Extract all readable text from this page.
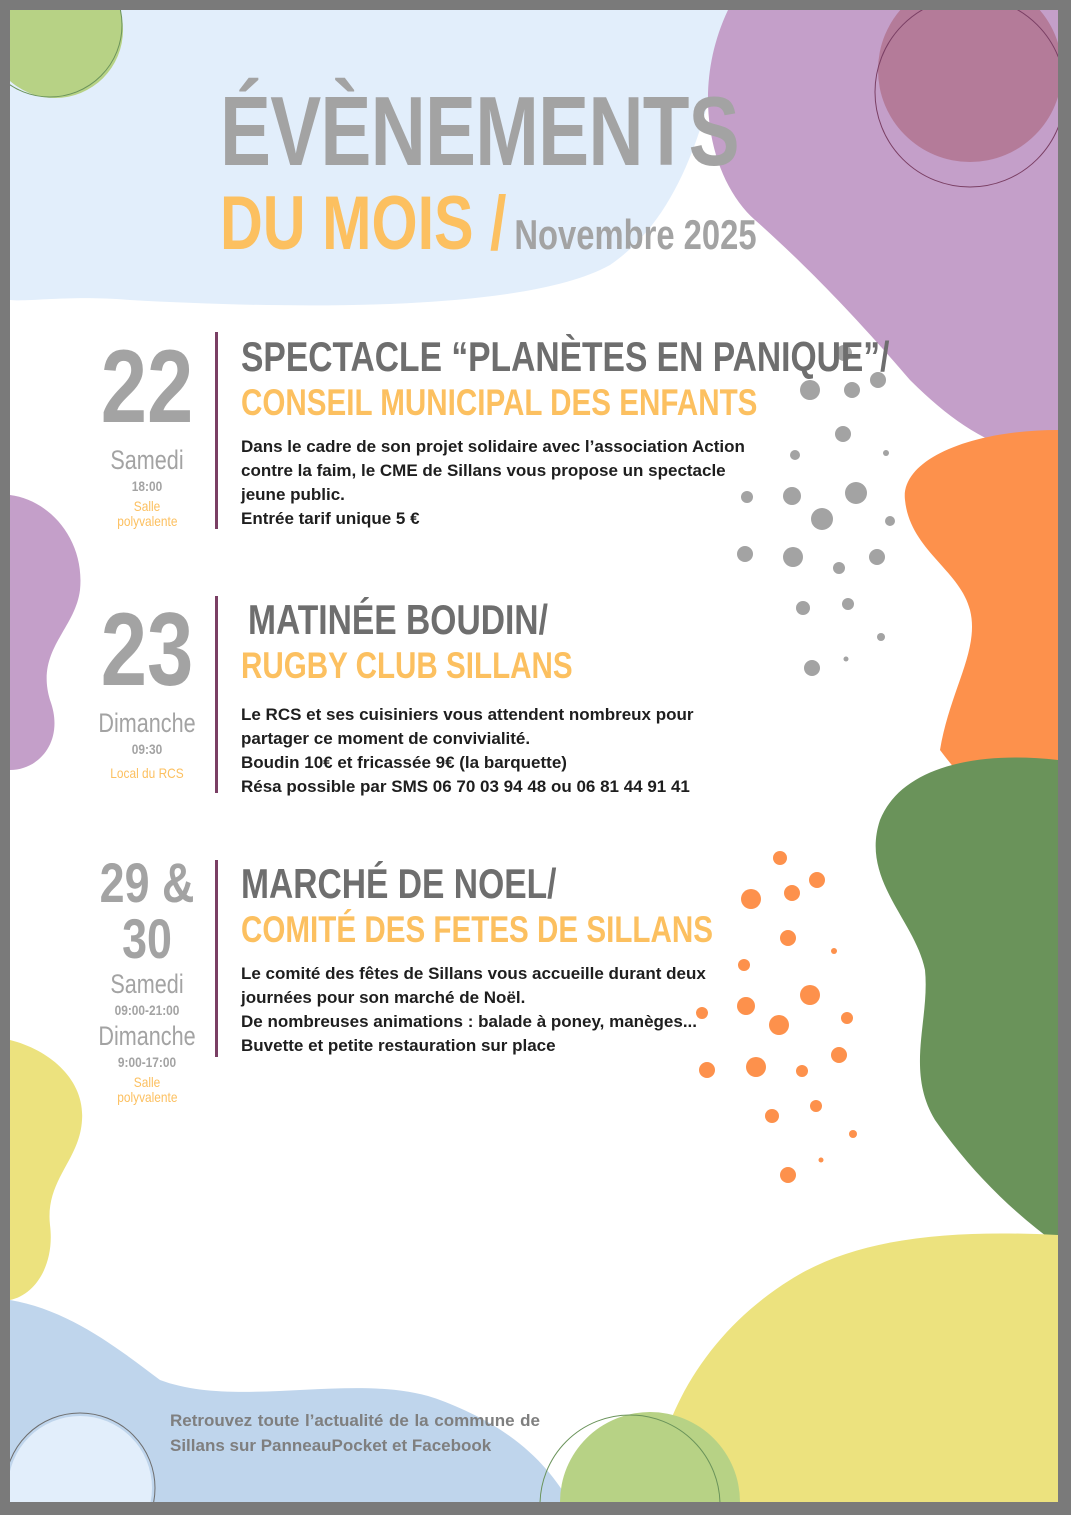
ÉVÈNEMENTS
DU MOIS / Novembre 2025
22
Samedi
18:00
Salle polyvalente
SPECTACLE “PLANÈTES EN PANIQUE”/
CONSEIL MUNICIPAL DES ENFANTS
Dans le cadre de son projet solidaire avec l’association Action
contre la faim, le CME de Sillans vous propose un spectacle
jeune public.
Entrée tarif unique 5 €
23
Dimanche
09:30
Local du RCS
MATINÉE BOUDIN/
RUGBY CLUB SILLANS
Le RCS et ses cuisiniers vous attendent nombreux pour
partager ce moment de convivialité.
Boudin 10€ et fricassée 9€ (la barquette)
Résa possible par SMS 06 70 03 94 48 ou 06 81 44 91 41
29 & 30
Samedi
09:00-21:00
Dimanche
9:00-17:00
Salle polyvalente
MARCHÉ DE NOEL/
COMITÉ DES FETES DE SILLANS
Le comité des fêtes de Sillans vous accueille durant deux
journées pour son marché de Noël.
De nombreuses animations : balade à poney, manèges...
Buvette et petite restauration sur place
Retrouvez toute l’actualité de la commune de Sillans sur PanneauPocket et Facebook
